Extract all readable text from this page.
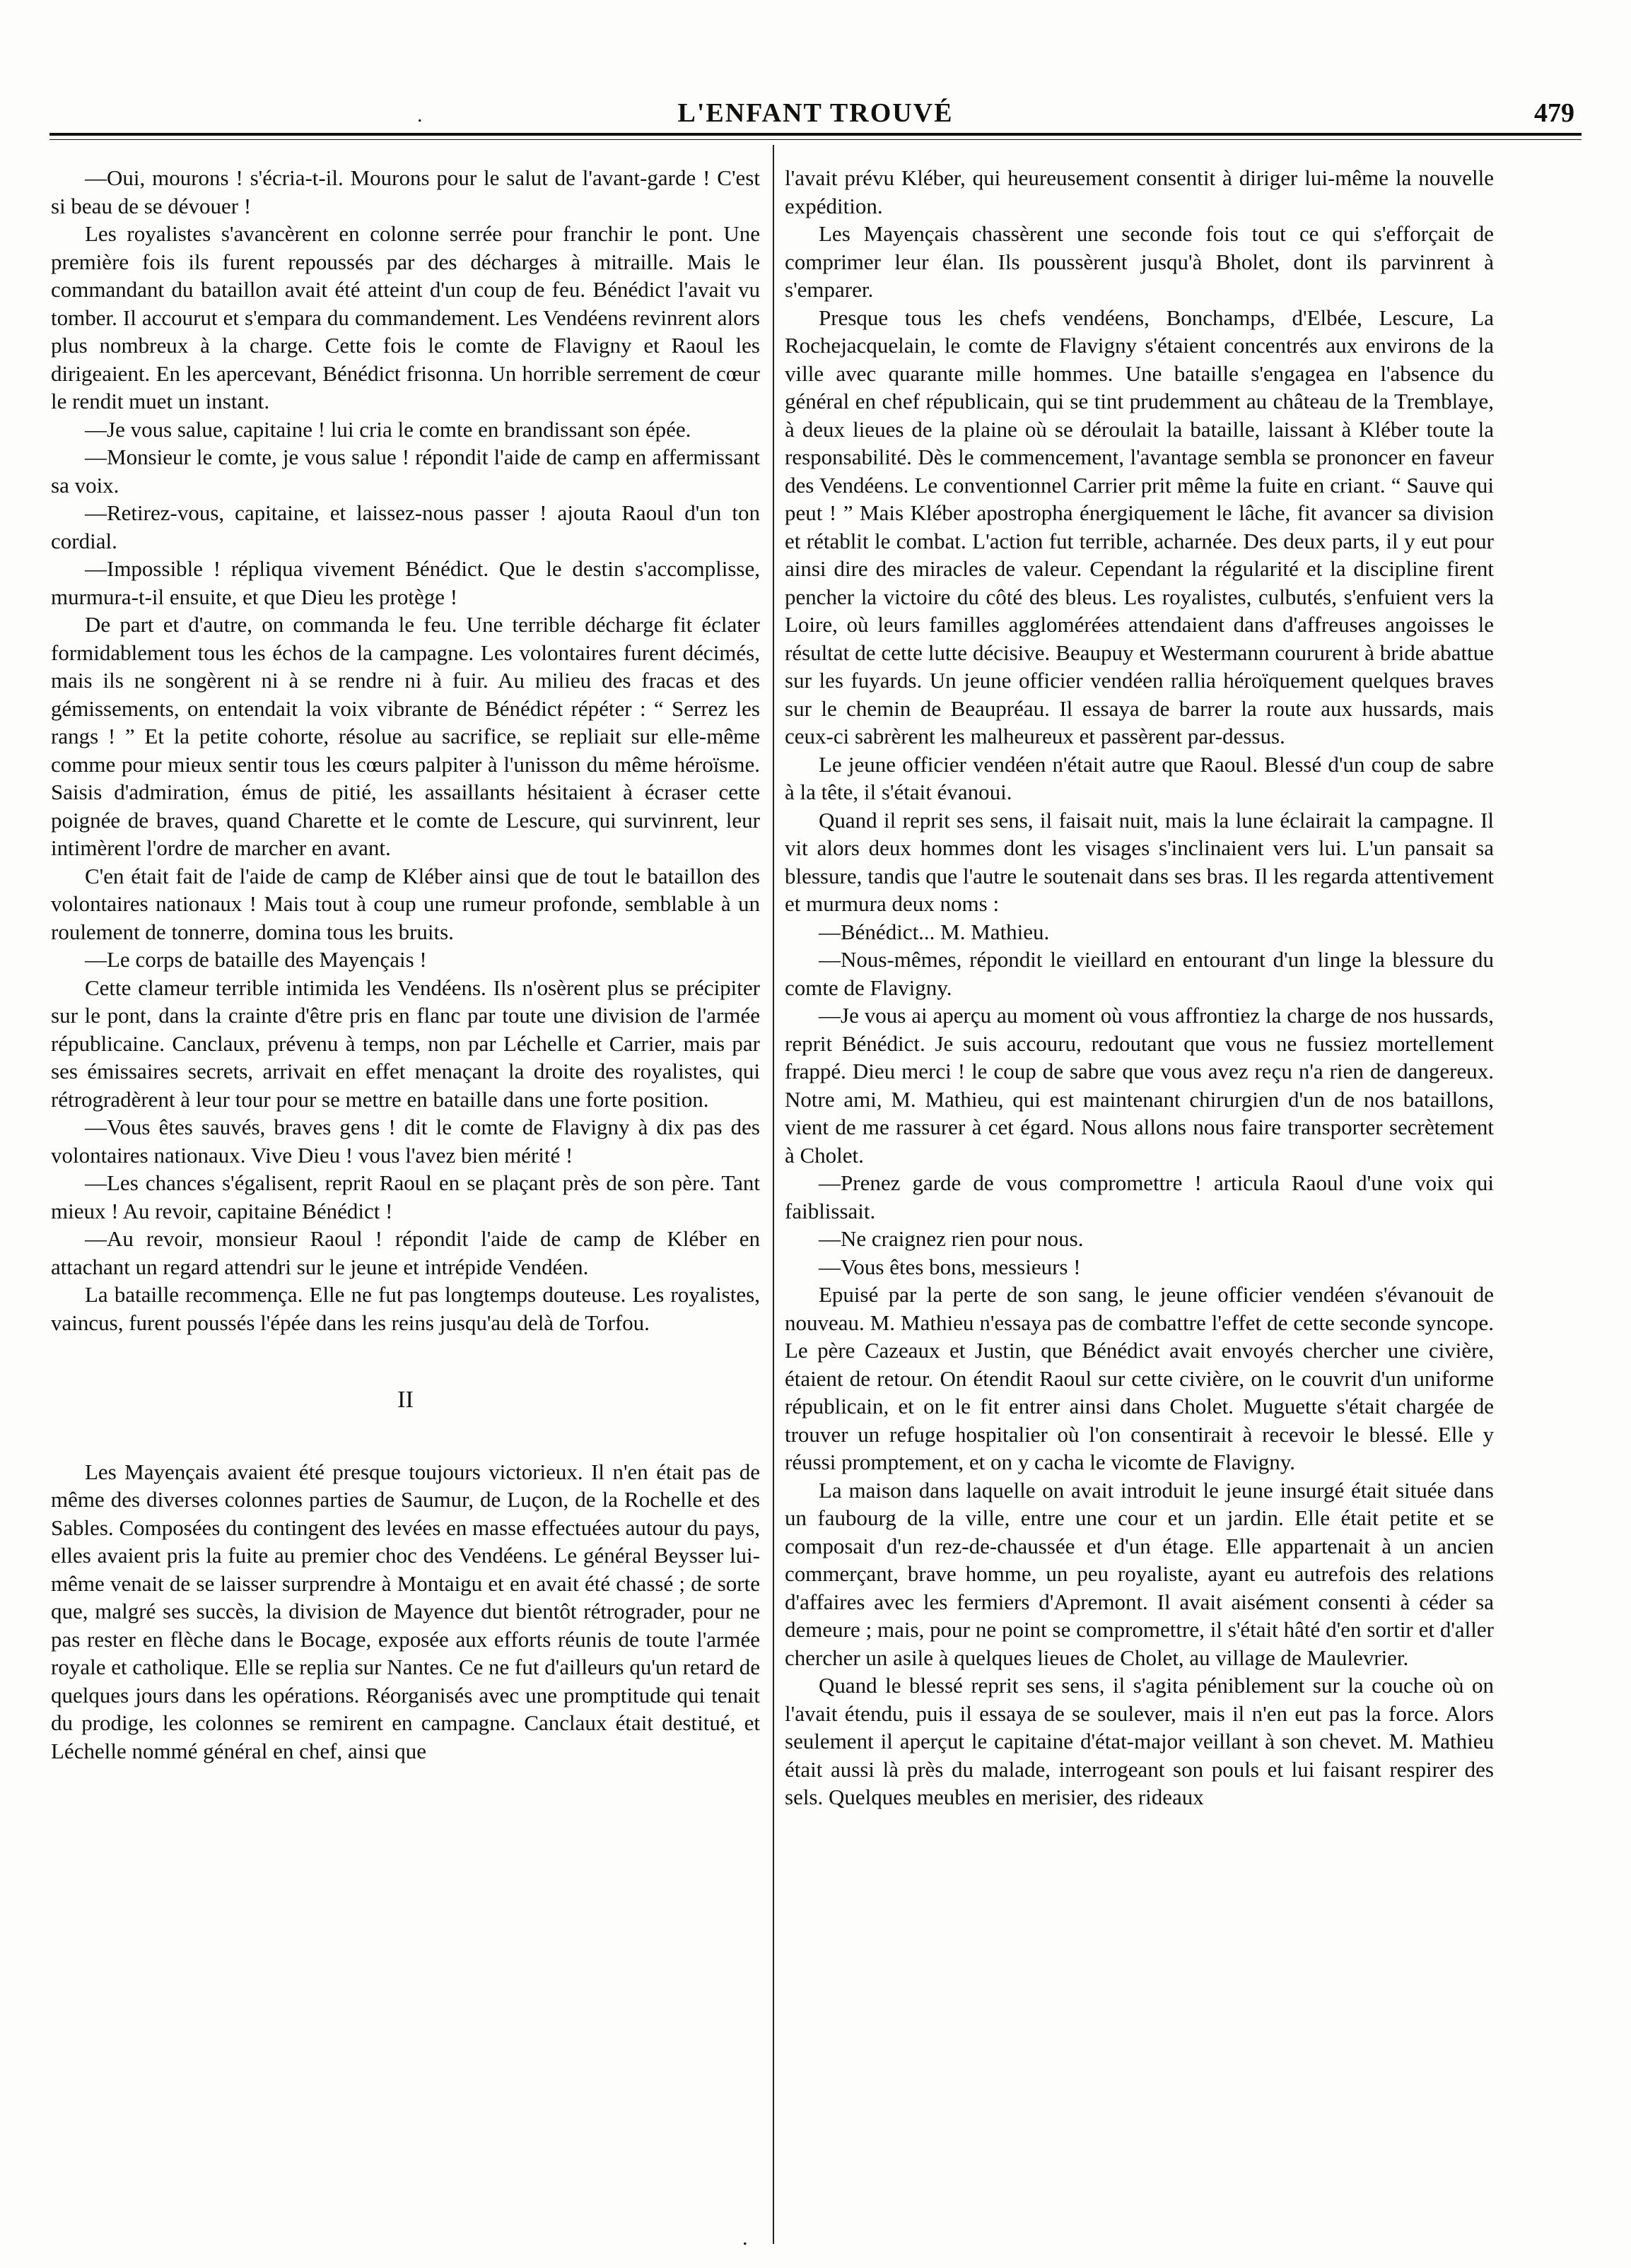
.	L'ENFANT TROUVÉ	479

—Oui, mourons ! s'écria-t-il. Mourons pour le salut de l'avant-garde ! C'est si beau de se dévouer !

Les royalistes s'avancèrent en colonne serrée pour franchir le pont. Une première fois ils furent repoussés par des décharges à mitraille. Mais le commandant du bataillon avait été atteint d'un coup de feu. Bénédict l'avait vu tomber. Il accourut et s'empara du commandement. Les Vendéens revinrent alors plus nombreux à la charge. Cette fois le comte de Flavigny et Raoul les dirigeaient. En les apercevant, Bénédict frisonna. Un horrible serrement de cœur le rendit muet un instant.

—Je vous salue, capitaine ! lui cria le comte en brandissant son épée.

—Monsieur le comte, je vous salue ! répondit l'aide de camp en affermissant sa voix.

—Retirez-vous, capitaine, et laissez-nous passer ! ajouta Raoul d'un ton cordial.

—Impossible ! répliqua vivement Bénédict. Que le destin s'accomplisse, murmura-t-il ensuite, et que Dieu les protège !

De part et d'autre, on commanda le feu. Une terrible décharge fit éclater formidablement tous les échos de la campagne. Les volontaires furent décimés, mais ils ne songèrent ni à se rendre ni à fuir. Au milieu des fracas et des gémissements, on entendait la voix vibrante de Bénédict répéter : “ Serrez les rangs ! ” Et la petite cohorte, résolue au sacrifice, se repliait sur elle-même comme pour mieux sentir tous les cœurs palpiter à l'unisson du même héroïsme. Saisis d'admiration, émus de pitié, les assaillants hésitaient à écraser cette poignée de braves, quand Charette et le comte de Lescure, qui survinrent, leur intimèrent l'ordre de marcher en avant.

C'en était fait de l'aide de camp de Kléber ainsi que de tout le bataillon des volontaires nationaux ! Mais tout à coup une rumeur profonde, semblable à un roulement de tonnerre, domina tous les bruits.

—Le corps de bataille des Mayençais !

Cette clameur terrible intimida les Vendéens. Ils n'osèrent plus se précipiter sur le pont, dans la crainte d'être pris en flanc par toute une division de l'armée républicaine. Canclaux, prévenu à temps, non par Léchelle et Carrier, mais par ses émissaires secrets, arrivait en effet menaçant la droite des royalistes, qui rétrogradèrent à leur tour pour se mettre en bataille dans une forte position.

—Vous êtes sauvés, braves gens ! dit le comte de Flavigny à dix pas des volontaires nationaux. Vive Dieu ! vous l'avez bien mérité !

—Les chances s'égalisent, reprit Raoul en se plaçant près de son père. Tant mieux ! Au revoir, capitaine Bénédict !

—Au revoir, monsieur Raoul ! répondit l'aide de camp de Kléber en attachant un regard attendri sur le jeune et intrépide Vendéen.

La bataille recommença. Elle ne fut pas longtemps douteuse. Les royalistes, vaincus, furent poussés l'épée dans les reins jusqu'au delà de Torfou.

II

Les Mayençais avaient été presque toujours victorieux. Il n'en était pas de même des diverses colonnes parties de Saumur, de Luçon, de la Rochelle et des Sables. Composées du contingent des levées en masse effectuées autour du pays, elles avaient pris la fuite au premier choc des Vendéens. Le général Beysser lui-même venait de se laisser surprendre à Montaigu et en avait été chassé ; de sorte que, malgré ses succès, la division de Mayence dut bientôt rétrograder, pour ne pas rester en flèche dans le Bocage, exposée aux efforts réunis de toute l'armée royale et catholique. Elle se replia sur Nantes. Ce ne fut d'ailleurs qu'un retard de quelques jours dans les opérations. Réorganisés avec une promptitude qui tenait du prodige, les colonnes se remirent en campagne. Canclaux était destitué, et Léchelle nommé général en chef, ainsi que

l'avait prévu Kléber, qui heureusement consentit à diriger lui-même la nouvelle expédition.

Les Mayençais chassèrent une seconde fois tout ce qui s'efforçait de comprimer leur élan. Ils poussèrent jusqu'à Bholet, dont ils parvinrent à s'emparer.

Presque tous les chefs vendéens, Bonchamps, d'Elbée, Lescure, La Rochejacquelain, le comte de Flavigny s'étaient concentrés aux environs de la ville avec quarante mille hommes. Une bataille s'engagea en l'absence du général en chef républicain, qui se tint prudemment au château de la Tremblaye, à deux lieues de la plaine où se déroulait la bataille, laissant à Kléber toute la responsabilité. Dès le commencement, l'avantage sembla se prononcer en faveur des Vendéens. Le conventionnel Carrier prit même la fuite en criant. “ Sauve qui peut ! ” Mais Kléber apostropha énergiquement le lâche, fit avancer sa division et rétablit le combat. L'action fut terrible, acharnée. Des deux parts, il y eut pour ainsi dire des miracles de valeur. Cependant la régularité et la discipline firent pencher la victoire du côté des bleus. Les royalistes, culbutés, s'enfuient vers la Loire, où leurs familles agglomérées attendaient dans d'affreuses angoisses le résultat de cette lutte décisive. Beaupuy et Westermann coururent à bride abattue sur les fuyards. Un jeune officier vendéen rallia héroïquement quelques braves sur le chemin de Beaupréau. Il essaya de barrer la route aux hussards, mais ceux-ci sabrèrent les malheureux et passèrent par-dessus.

Le jeune officier vendéen n'était autre que Raoul. Blessé d'un coup de sabre à la tête, il s'était évanoui.

Quand il reprit ses sens, il faisait nuit, mais la lune éclairait la campagne. Il vit alors deux hommes dont les visages s'inclinaient vers lui. L'un pansait sa blessure, tandis que l'autre le soutenait dans ses bras. Il les regarda attentivement et murmura deux noms :

—Bénédict... M. Mathieu.

—Nous-mêmes, répondit le vieillard en entourant d'un linge la blessure du comte de Flavigny.

—Je vous ai aperçu au moment où vous affrontiez la charge de nos hussards, reprit Bénédict. Je suis accouru, redoutant que vous ne fussiez mortellement frappé. Dieu merci ! le coup de sabre que vous avez reçu n'a rien de dangereux. Notre ami, M. Mathieu, qui est maintenant chirurgien d'un de nos bataillons, vient de me rassurer à cet égard. Nous allons nous faire transporter secrètement à Cholet.

—Prenez garde de vous compromettre ! articula Raoul d'une voix qui faiblissait.

—Ne craignez rien pour nous.

—Vous êtes bons, messieurs !

Epuisé par la perte de son sang, le jeune officier vendéen s'évanouit de nouveau. M. Mathieu n'essaya pas de combattre l'effet de cette seconde syncope. Le père Cazeaux et Justin, que Bénédict avait envoyés chercher une civière, étaient de retour. On étendit Raoul sur cette civière, on le couvrit d'un uniforme républicain, et on le fit entrer ainsi dans Cholet. Muguette s'était chargée de trouver un refuge hospitalier où l'on consentirait à recevoir le blessé. Elle y réussi promptement, et on y cacha le vicomte de Flavigny.

La maison dans laquelle on avait introduit le jeune insurgé était située dans un faubourg de la ville, entre une cour et un jardin. Elle était petite et se composait d'un rez-de-chaussée et d'un étage. Elle appartenait à un ancien commerçant, brave homme, un peu royaliste, ayant eu autrefois des relations d'affaires avec les fermiers d'Apremont. Il avait aisément consenti à céder sa demeure ; mais, pour ne point se compromettre, il s'était hâté d'en sortir et d'aller chercher un asile à quelques lieues de Cholet, au village de Maulevrier.

Quand le blessé reprit ses sens, il s'agita péniblement sur la couche où on l'avait étendu, puis il essaya de se soulever, mais il n'en eut pas la force. Alors seulement il aperçut le capitaine d'état-major veillant à son chevet. M. Mathieu était aussi là près du malade, interrogeant son pouls et lui faisant respirer des sels. Quelques meubles en merisier, des rideaux

.
